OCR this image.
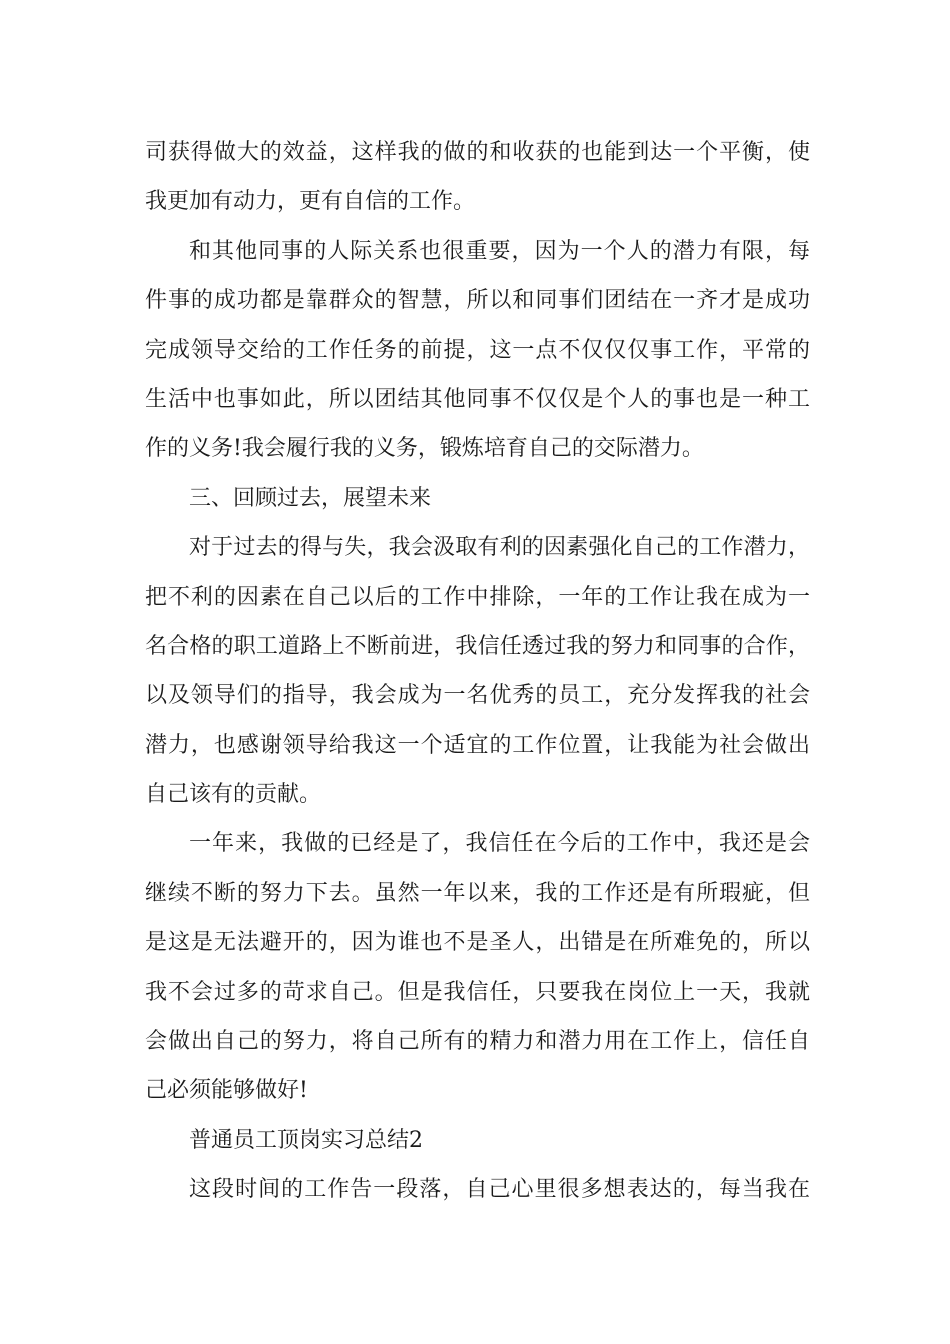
司获得做大的效益，这样我的做的和收获的也能到达一个平衡，使
我更加有动力，更有自信的工作。
和其他同事的人际关系也很重要，因为一个人的潜力有限，每
件事的成功都是靠群众的智慧，所以和同事们团结在一齐才是成功
完成领导交给的工作任务的前提，这一点不仅仅仅事工作，平常的
生活中也事如此，所以团结其他同事不仅仅是个人的事也是一种工
作的义务!我会履行我的义务，锻炼培育自己的交际潜力。
三、回顾过去，展望未来
对于过去的得与失，我会汲取有利的因素强化自己的工作潜力，
把不利的因素在自己以后的工作中排除，一年的工作让我在成为一
名合格的职工道路上不断前进，我信任透过我的努力和同事的合作，
以及领导们的指导，我会成为一名优秀的员工，充分发挥我的社会
潜力，也感谢领导给我这一个适宜的工作位置，让我能为社会做出
自己该有的贡献。
一年来，我做的已经是了，我信任在今后的工作中，我还是会
继续不断的努力下去。虽然一年以来，我的工作还是有所瑕疵，但
是这是无法避开的，因为谁也不是圣人，出错是在所难免的，所以
我不会过多的苛求自己。但是我信任，只要我在岗位上一天，我就
会做出自己的努力，将自己所有的精力和潜力用在工作上，信任自
己必须能够做好!
普通员工顶岗实习总结2
这段时间的工作告一段落，自己心里很多想表达的，每当我在
